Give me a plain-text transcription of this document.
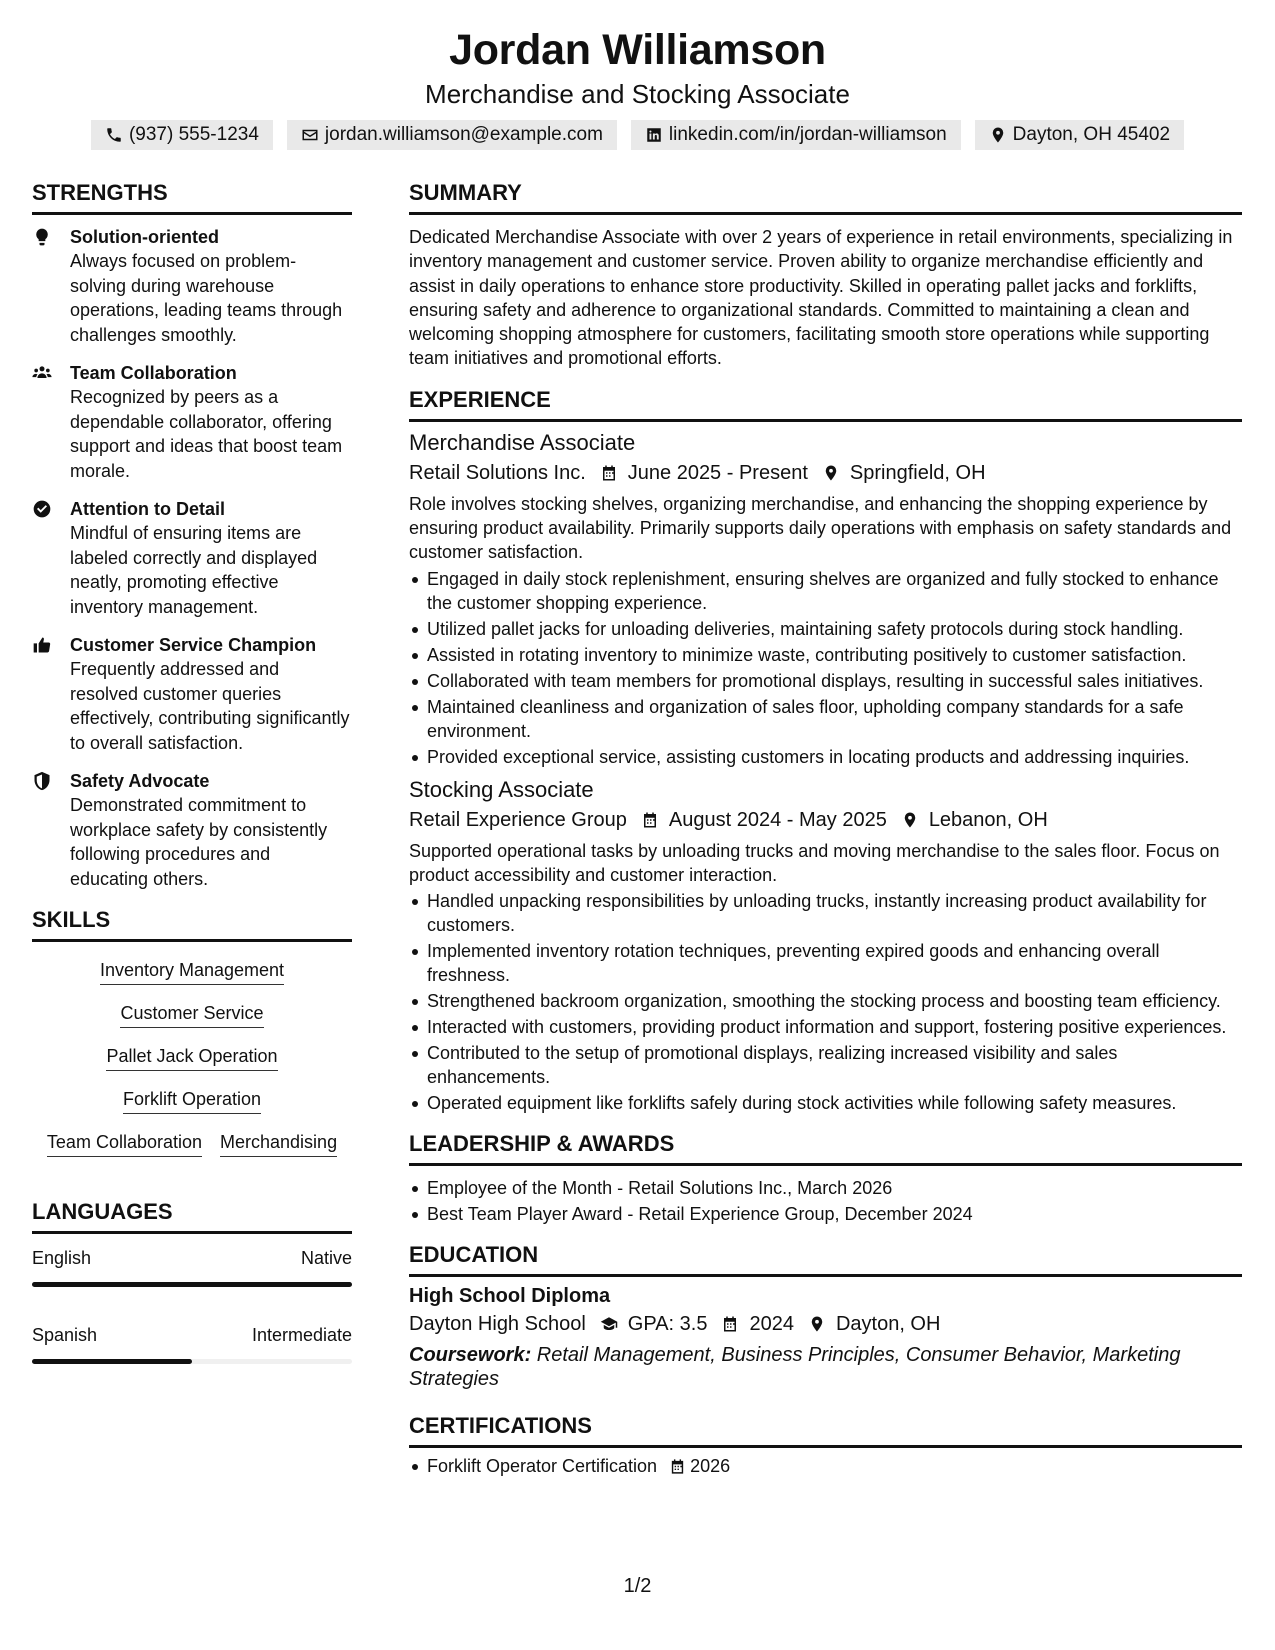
Jordan Williamson
Merchandise and Stocking Associate
(937) 555-1234	jordan.williamson@example.com	linkedin.com/in/jordan-williamson	Dayton, OH 45402
STRENGTHS
Solution-oriented
Always focused on problem-solving during warehouse operations, leading teams through challenges smoothly.
Team Collaboration
Recognized by peers as a dependable collaborator, offering support and ideas that boost team morale.
Attention to Detail
Mindful of ensuring items are labeled correctly and displayed neatly, promoting effective inventory management.
Customer Service Champion
Frequently addressed and resolved customer queries effectively, contributing significantly to overall satisfaction.
Safety Advocate
Demonstrated commitment to workplace safety by consistently following procedures and educating others.
SKILLS
Inventory Management
Customer Service
Pallet Jack Operation
Forklift Operation
Team Collaboration Merchandising
LANGUAGES
English	Native
Spanish	Intermediate
SUMMARY
Dedicated Merchandise Associate with over 2 years of experience in retail environments, specializing in inventory management and customer service. Proven ability to organize merchandise efficiently and assist in daily operations to enhance store productivity. Skilled in operating pallet jacks and forklifts, ensuring safety and adherence to organizational standards. Committed to maintaining a clean and welcoming shopping atmosphere for customers, facilitating smooth store operations while supporting team initiatives and promotional efforts.
EXPERIENCE
Merchandise Associate
Retail Solutions Inc. June 2025 - Present Springfield, OH
Role involves stocking shelves, organizing merchandise, and enhancing the shopping experience by ensuring product availability. Primarily supports daily operations with emphasis on safety standards and customer satisfaction.
Engaged in daily stock replenishment, ensuring shelves are organized and fully stocked to enhance the customer shopping experience.
Utilized pallet jacks for unloading deliveries, maintaining safety protocols during stock handling.
Assisted in rotating inventory to minimize waste, contributing positively to customer satisfaction.
Collaborated with team members for promotional displays, resulting in successful sales initiatives.
Maintained cleanliness and organization of sales floor, upholding company standards for a safe environment.
Provided exceptional service, assisting customers in locating products and addressing inquiries.
Stocking Associate
Retail Experience Group August 2024 - May 2025 Lebanon, OH
Supported operational tasks by unloading trucks and moving merchandise to the sales floor. Focus on product accessibility and customer interaction.
Handled unpacking responsibilities by unloading trucks, instantly increasing product availability for customers.
Implemented inventory rotation techniques, preventing expired goods and enhancing overall freshness.
Strengthened backroom organization, smoothing the stocking process and boosting team efficiency.
Interacted with customers, providing product information and support, fostering positive experiences.
Contributed to the setup of promotional displays, realizing increased visibility and sales enhancements.
Operated equipment like forklifts safely during stock activities while following safety measures.
LEADERSHIP & AWARDS
Employee of the Month - Retail Solutions Inc., March 2026
Best Team Player Award - Retail Experience Group, December 2024
EDUCATION
High School Diploma
Dayton High School GPA: 3.5 2024 Dayton, OH
Coursework: Retail Management, Business Principles, Consumer Behavior, Marketing Strategies
CERTIFICATIONS
Forklift Operator Certification 2026
1/2
